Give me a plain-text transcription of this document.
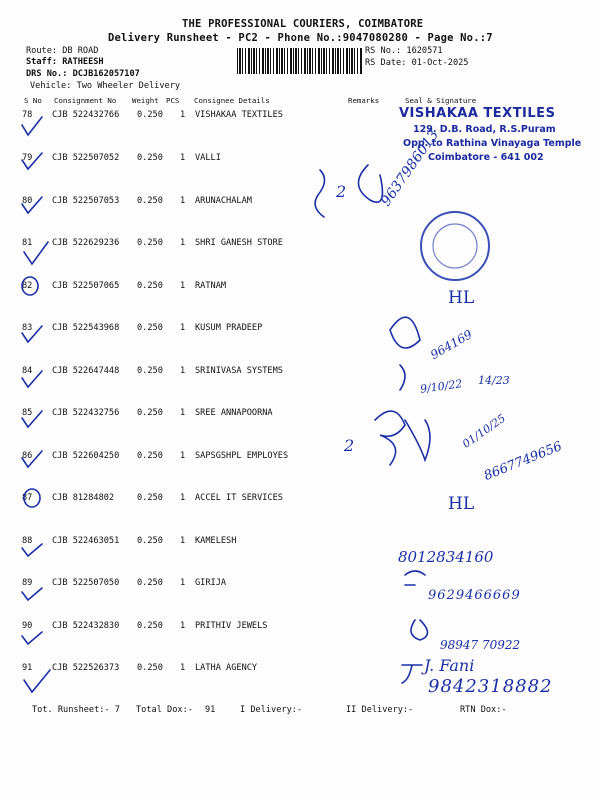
THE PROFESSIONAL COURIERS, COIMBATORE
Delivery Runsheet - PC2 - Phone No.:9047080280 - Page No.:7
Route: DB ROAD
Staff: RATHEESH
DRS No.: DCJB162057107
Vehicle: Two Wheeler Delivery
RS No.: 1620571
RS Date: 01-Oct-2025
S No Consignment No Weight PCS Consignee Details	Remarks	Seal & Signature
78 CJB 522432766 0.250 1 VISHAKAA TEXTILES
79 CJB 522507052 0.250 1 VALLI
80 CJB 522507053 0.250 1 ARUNACHALAM
81 CJB 522629236 0.250 1 SHRI GANESH STORE
82 CJB 522507065 0.250 1 RATNAM
83 CJB 522543968 0.250 1 KUSUM PRADEEP
84 CJB 522647448 0.250 1 SRINIVASA SYSTEMS
85 CJB 522432756 0.250 1 SREE ANNAPOORNA
86 CJB 522604250 0.250 1 SAPSGSHPL EMPLOYES
87 CJB 81284802	0.250 1 ACCEL IT SERVICES
88 CJB 522463051 0.250 1 KAMELESH
89 CJB 522507050 0.250 1 GIRIJA
90 CJB 522432830 0.250 1 PRITHIV JEWELS
91 CJB 522526373 0.250 1 LATHA AGENCY
VISHAKAA TEXTILES
129. D.B. Road, R.S.Puram
Opp. to Rathina Vinayaga Temple
Coimbatore - 641 002
2 9637986013
HL
964169
9/10/22 14/23
2	01/10/25
8667749656
HL
8012834160
9629466669
98947 70922
J. Fani
9842318882
Tot. Runsheet:- 7 Total Dox:- 91	I Delivery:-	II Delivery:-	RTN Dox:-
